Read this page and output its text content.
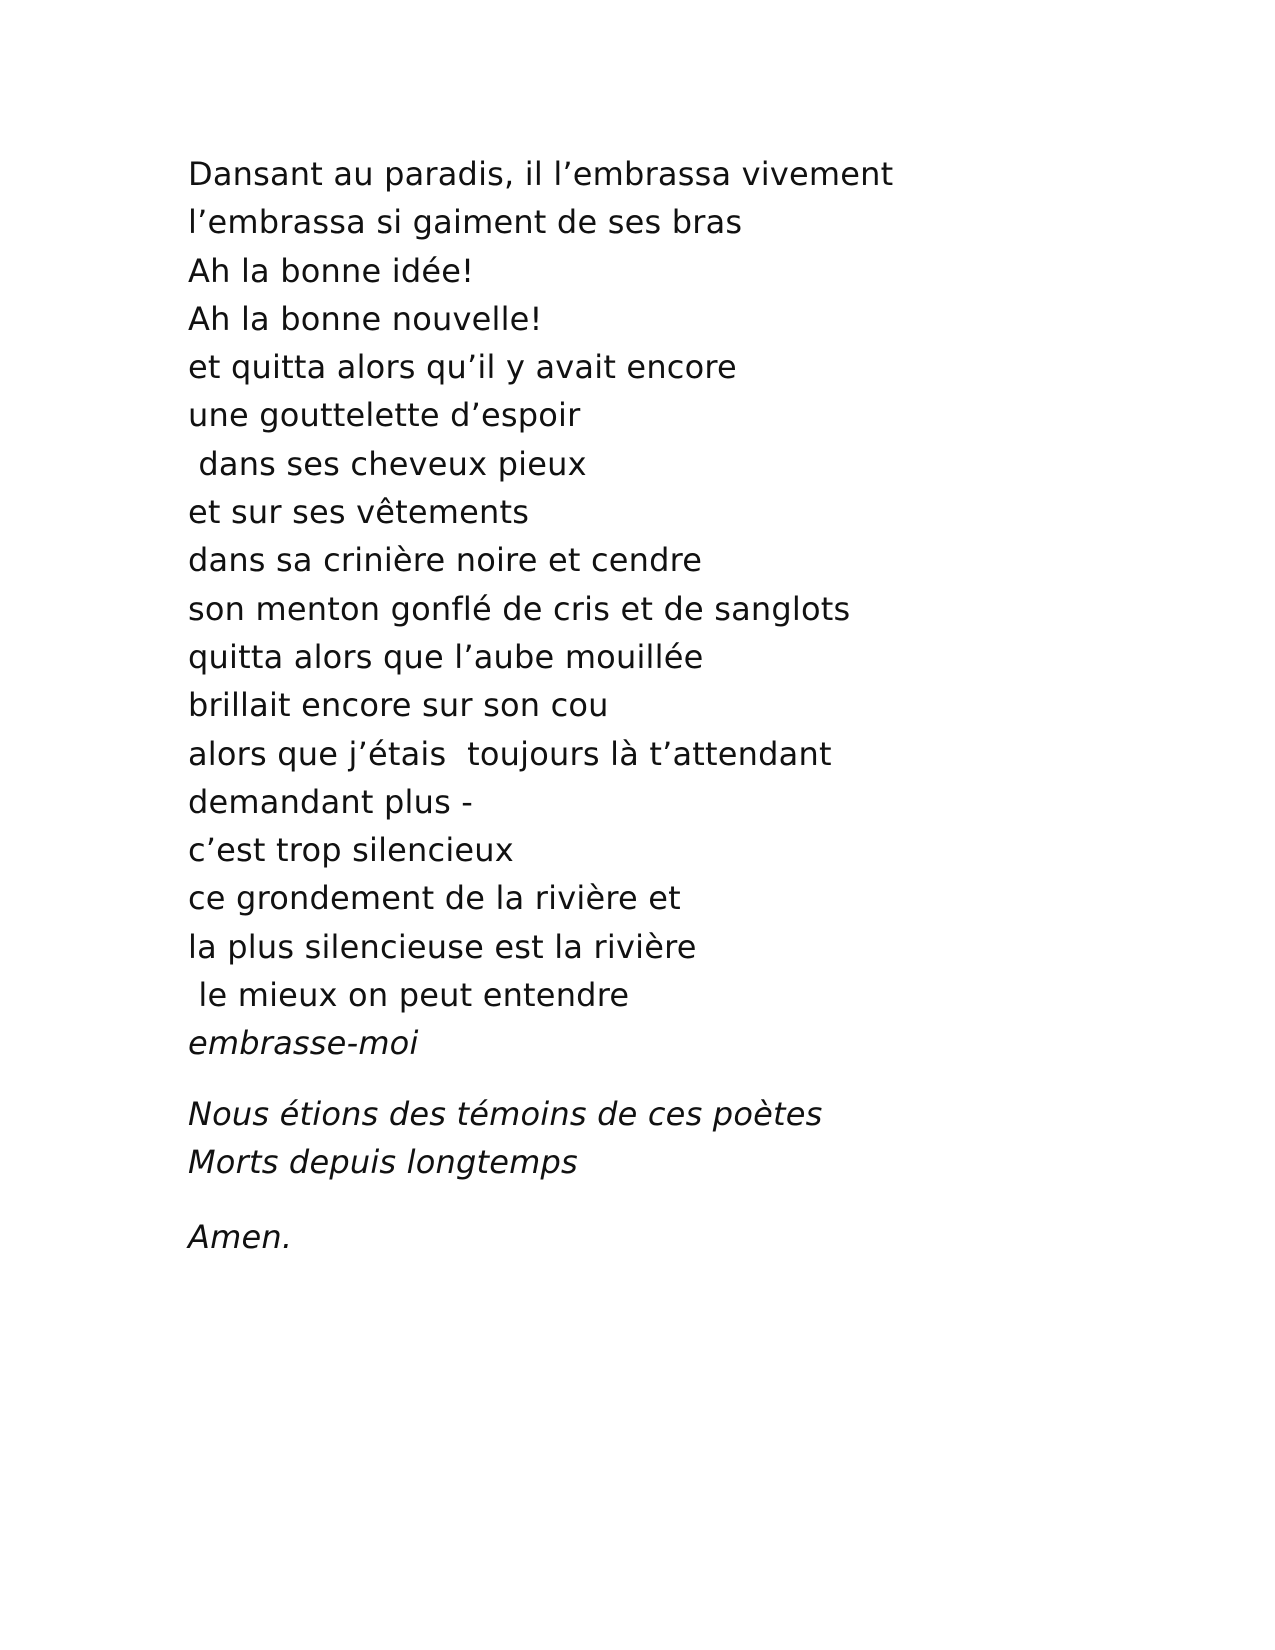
Dansant au paradis, il l’embrassa vivement

l’embrassa si gaiment de ses bras

Ah la bonne idée!

Ah la bonne nouvelle!

et quitta alors qu’il y avait encore

une gouttelette d’espoir

dans ses cheveux pieux

et sur ses vêtements

dans sa crinière noire et cendre

son menton gonflé de cris et de sanglots

quitta alors que l’aube mouillée

brillait encore sur son cou

alors que j’étais  toujours là t’attendant

demandant plus -

c’est trop silencieux

ce grondement de la rivière et

la plus silencieuse est la rivière

le mieux on peut entendre

embrasse-moi

Nous étions des témoins de ces poètes

Morts depuis longtemps

Amen.
